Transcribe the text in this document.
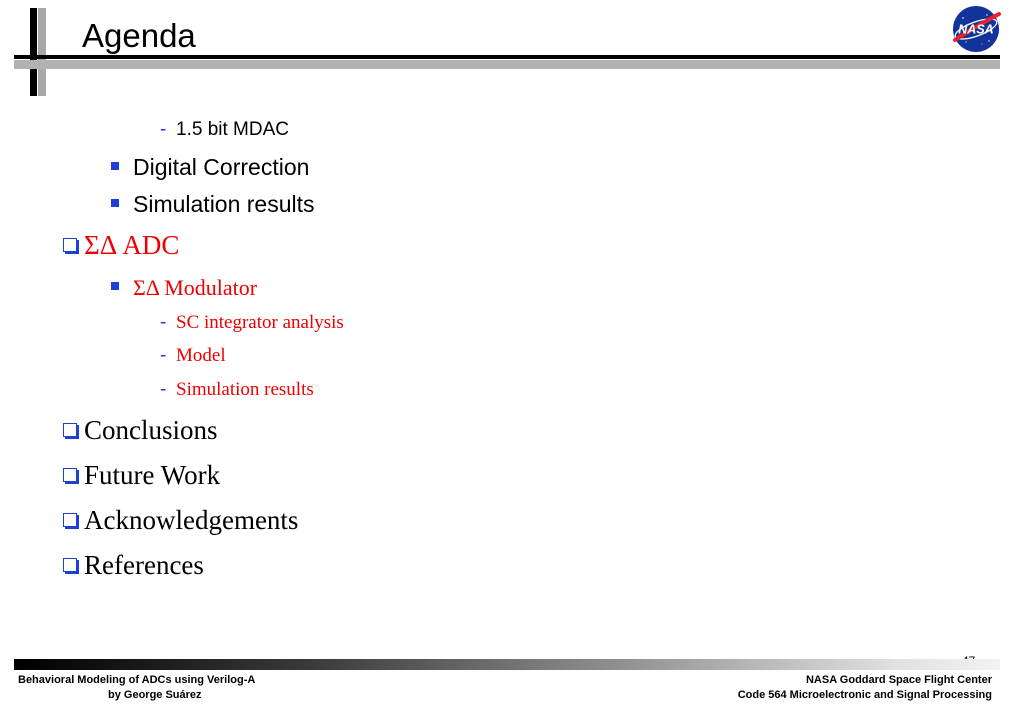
Agenda	NASA
- 1.5 bit MDAC
Digital Correction
Simulation results
ΣΔ ADC
ΣΔ Modulator
- SC integrator analysis
- Model
- Simulation results
Conclusions
Future Work
Acknowledgements
References
Behavioral Modeling of ADCs using Verilog-A
by George Suárez
NASA Goddard Space Flight Center
Code 564 Microelectronic and Signal Processing
